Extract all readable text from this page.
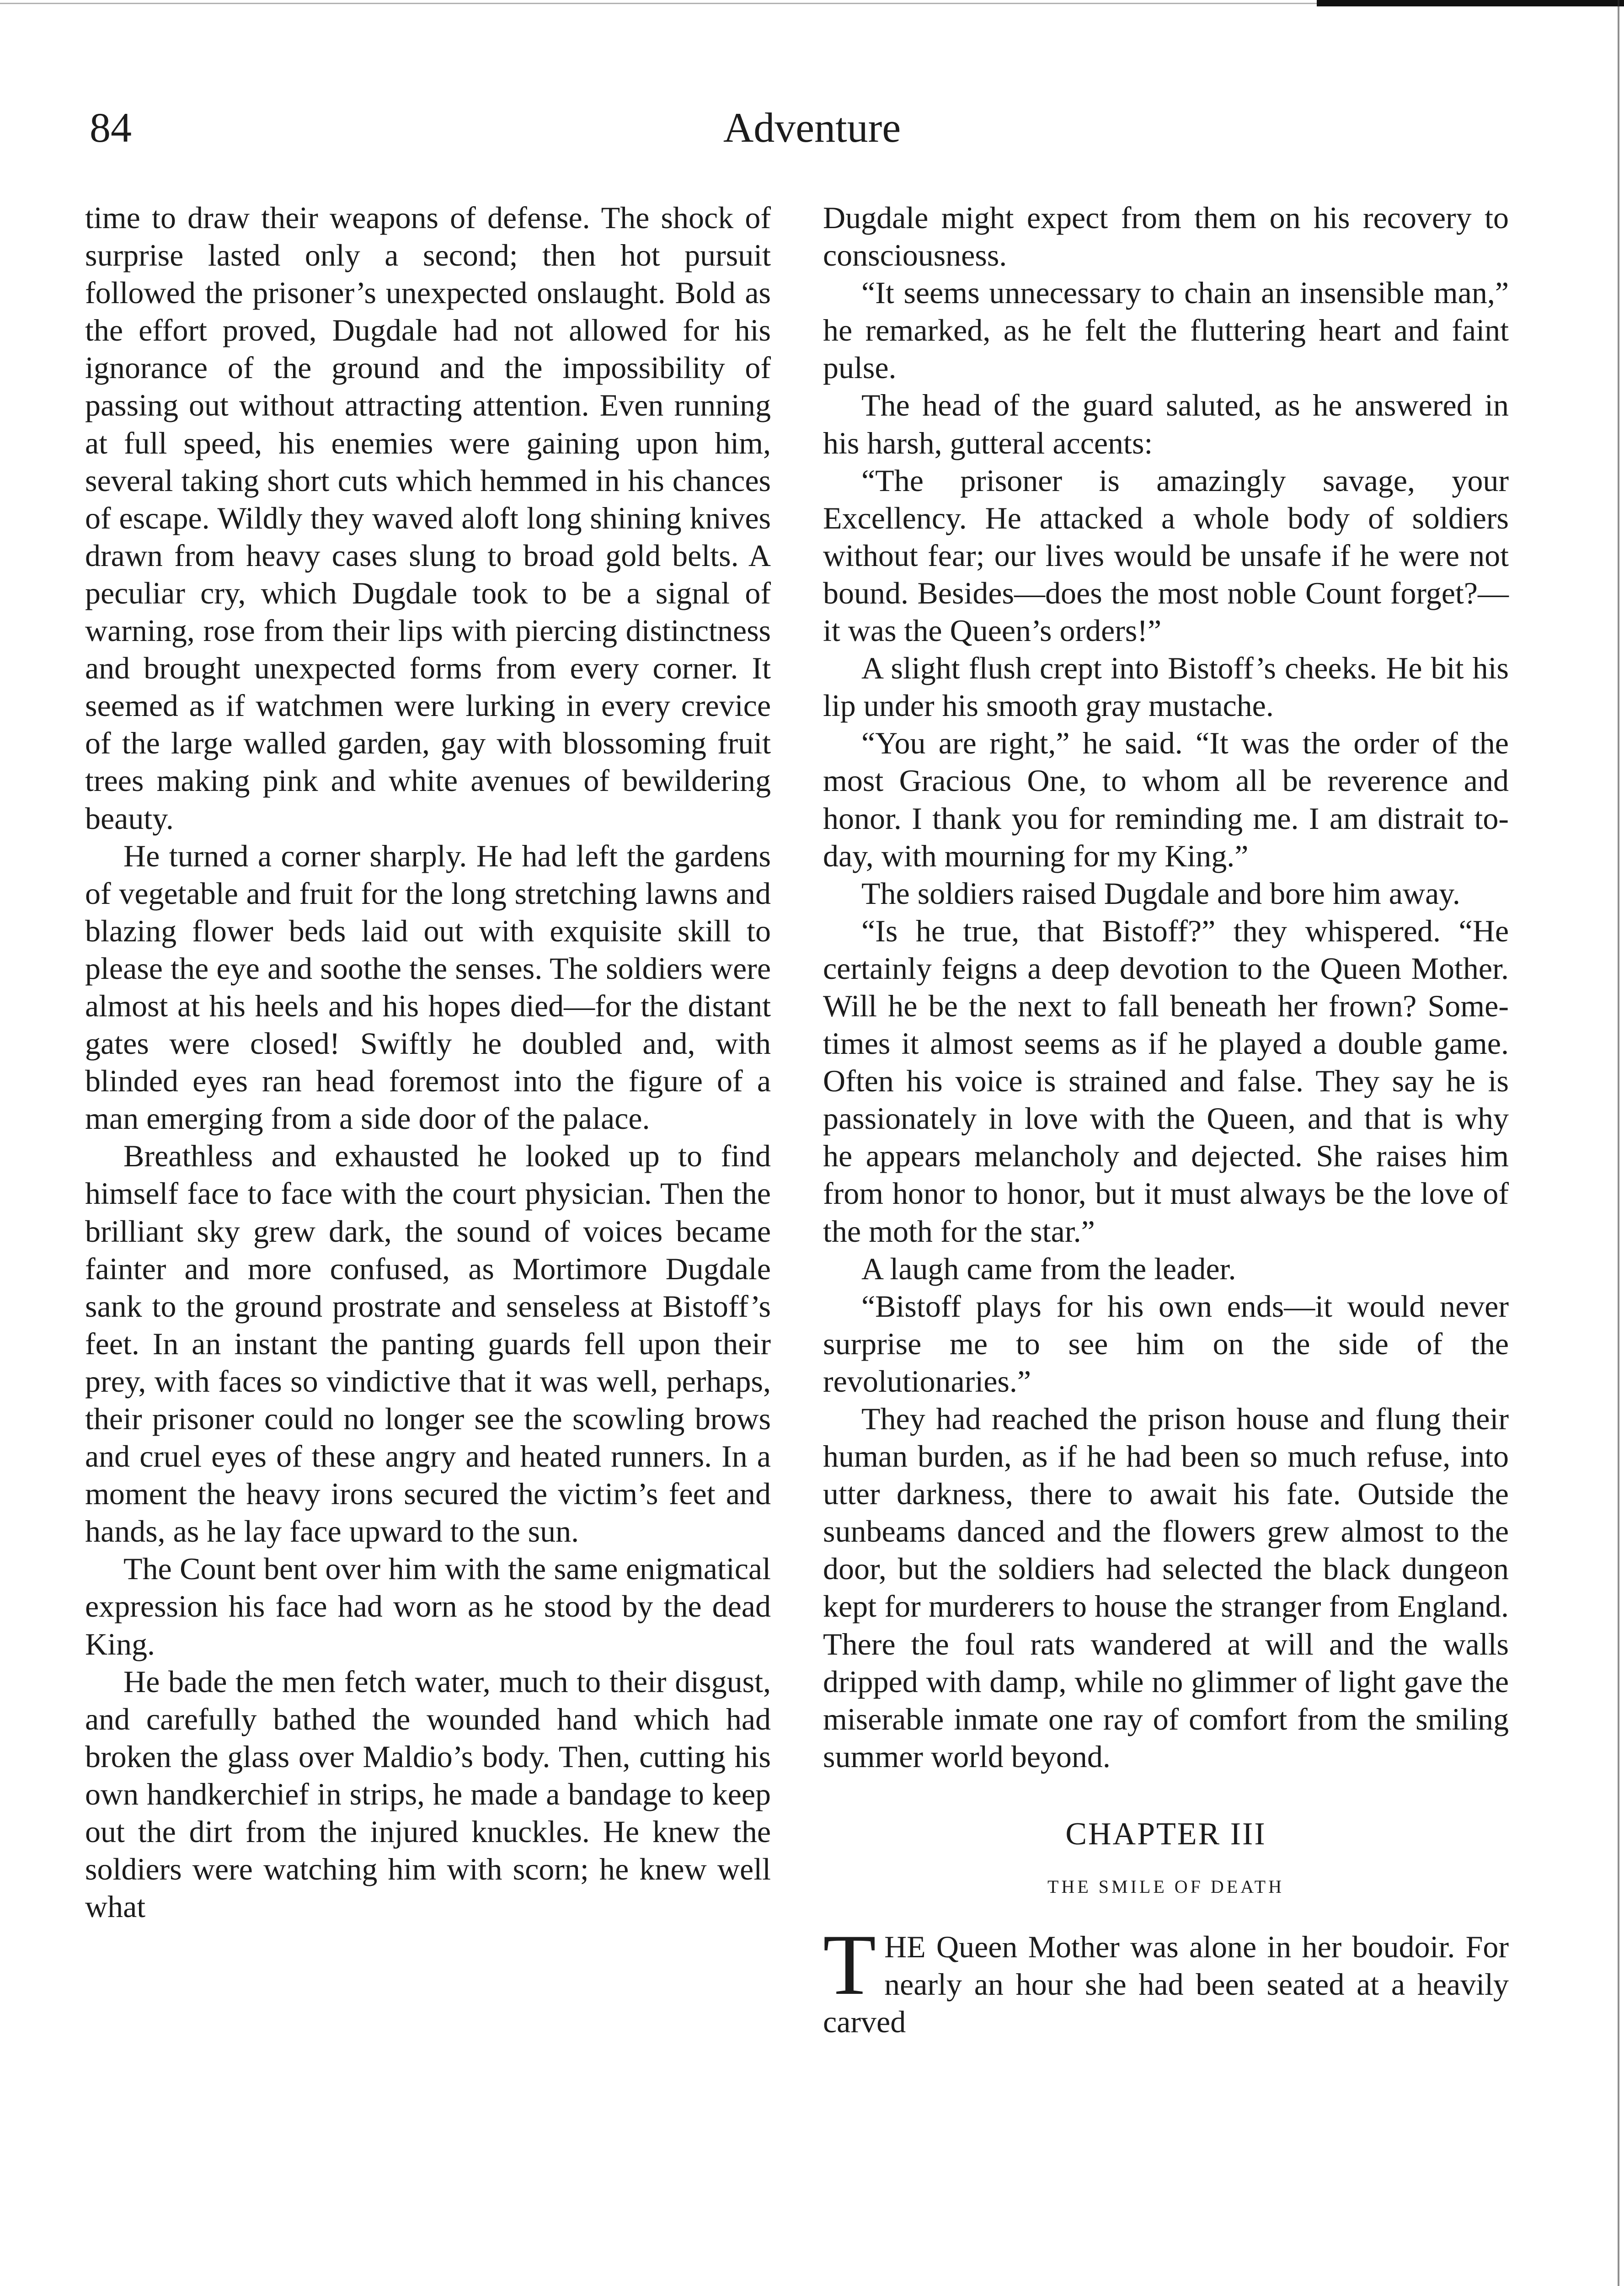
84	Adventure

time to draw their weapons of defense. The shock of surprise lasted only a second; then hot pursuit followed the prisoner’s unexpected onslaught. Bold as the effort proved, Dugdale had not allowed for his ignorance of the ground and the impossibility of passing out without attracting attention. Even running at full speed, his enemies were gaining upon him, several taking short cuts which hemmed in his chances of escape. Wildly they waved aloft long shining knives drawn from heavy cases slung to broad gold belts. A peculiar cry, which Dugdale took to be a signal of warning, rose from their lips with piercing distinctness and brought unexpected forms from every corner. It seemed as if watchmen were lurking in every crevice of the large walled garden, gay with blossoming fruit trees making pink and white avenues of bewildering beauty.

He turned a corner sharply. He had left the gardens of vegetable and fruit for the long stretching lawns and blazing flower beds laid out with exquisite skill to please the eye and soothe the senses. The soldiers were almost at his heels and his hopes died—for the distant gates were closed! Swiftly he doubled and, with blinded eyes ran head foremost into the figure of a man emerging from a side door of the palace.

Breathless and exhausted he looked up to find himself face to face with the court physician. Then the brilliant sky grew dark, the sound of voices became fainter and more confused, as Mortimore Dugdale sank to the ground prostrate and senseless at Bistoff’s feet. In an instant the panting guards fell upon their prey, with faces so vindictive that it was well, perhaps, their prisoner could no longer see the scowling brows and cruel eyes of these angry and heated runners. In a moment the heavy irons secured the victim’s feet and hands, as he lay face upward to the sun.

The Count bent over him with the same enigmatical expression his face had worn as he stood by the dead King.

He bade the men fetch water, much to their disgust, and carefully bathed the wounded hand which had broken the glass over Maldio’s body. Then, cutting his own handkerchief in strips, he made a bandage to keep out the dirt from the injured knuckles. He knew the soldiers were watching him with scorn; he knew well what

Dugdale might expect from them on his recovery to consciousness.

“It seems unnecessary to chain an insensible man,” he remarked, as he felt the fluttering heart and faint pulse.

The head of the guard saluted, as he answered in his harsh, gutteral accents:

“The prisoner is amazingly savage, your Excellency. He attacked a whole body of soldiers without fear; our lives would be unsafe if he were not bound. Besides—does the most noble Count forget?—it was the Queen’s orders!”

A slight flush crept into Bistoff’s cheeks. He bit his lip under his smooth gray mustache.

“You are right,” he said. “It was the order of the most Gracious One, to whom all be reverence and honor. I thank you for reminding me. I am distrait to-day, with mourning for my King.”

The soldiers raised Dugdale and bore him away.

“Is he true, that Bistoff?” they whispered. “He certainly feigns a deep devotion to the Queen Mother. Will he be the next to fall beneath her frown? Sometimes it almost seems as if he played a double game. Often his voice is strained and false. They say he is passionately in love with the Queen, and that is why he appears melancholy and dejected. She raises him from honor to honor, but it must always be the love of the moth for the star.”

A laugh came from the leader.

“Bistoff plays for his own ends—it would never surprise me to see him on the side of the revolutionaries.”

They had reached the prison house and flung their human burden, as if he had been so much refuse, into utter darkness, there to await his fate. Outside the sunbeams danced and the flowers grew almost to the door, but the soldiers had selected the black dungeon kept for murderers to house the stranger from England. There the foul rats wandered at will and the walls dripped with damp, while no glimmer of light gave the miserable inmate one ray of comfort from the smiling summer world beyond.

CHAPTER III
THE SMILE OF DEATH

THE Queen Mother was alone in her boudoir. For nearly an hour she had been seated at a heavily carved
